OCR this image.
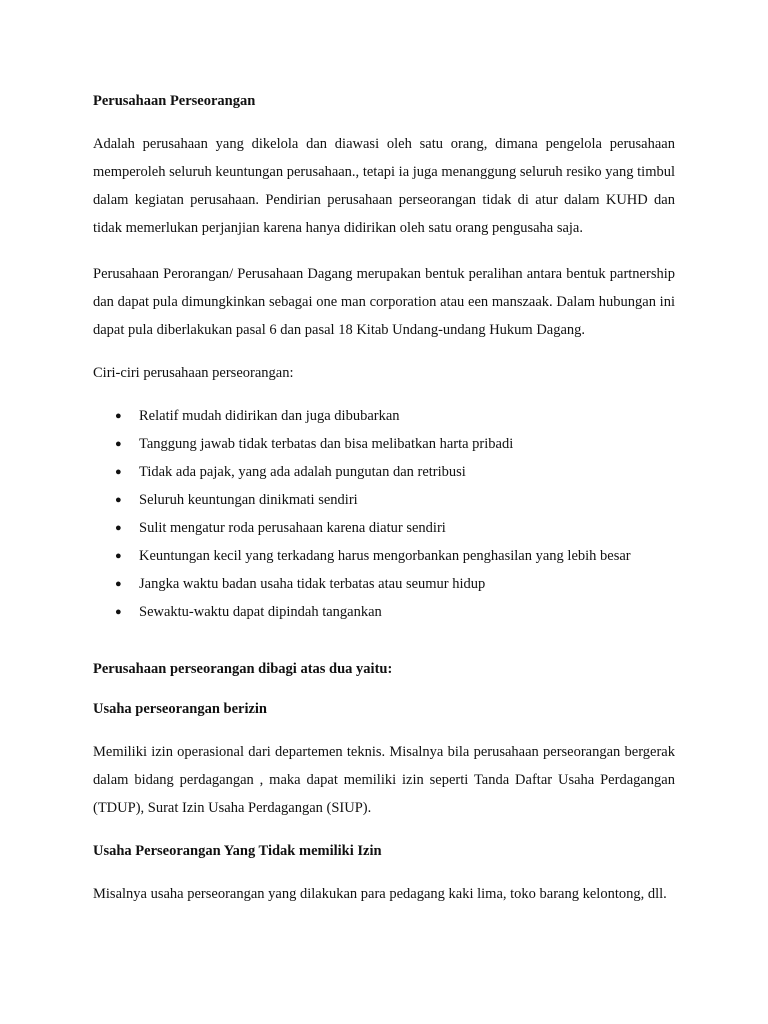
Perusahaan Perseorangan

Adalah perusahaan yang dikelola dan diawasi oleh satu orang, dimana pengelola perusahaan memperoleh seluruh keuntungan perusahaan., tetapi ia juga menanggung seluruh resiko yang timbul dalam kegiatan perusahaan. Pendirian perusahaan perseorangan tidak di atur dalam KUHD dan tidak memerlukan perjanjian karena hanya didirikan oleh satu orang pengusaha saja.

Perusahaan Perorangan/ Perusahaan Dagang merupakan bentuk peralihan antara bentuk partnership dan dapat pula dimungkinkan sebagai one man corporation atau een manszaak. Dalam hubungan ini dapat pula diberlakukan pasal 6 dan pasal 18 Kitab Undang-undang Hukum Dagang.

Ciri-ciri perusahaan perseorangan:

● Relatif mudah didirikan dan juga dibubarkan
● Tanggung jawab tidak terbatas dan bisa melibatkan harta pribadi
● Tidak ada pajak, yang ada adalah pungutan dan retribusi
● Seluruh keuntungan dinikmati sendiri
● Sulit mengatur roda perusahaan karena diatur sendiri
● Keuntungan kecil yang terkadang harus mengorbankan penghasilan yang lebih besar
● Jangka waktu badan usaha tidak terbatas atau seumur hidup
● Sewaktu-waktu dapat dipindah tangankan

Perusahaan perseorangan dibagi atas dua yaitu:

Usaha perseorangan berizin

Memiliki izin operasional dari departemen teknis. Misalnya bila perusahaan perseorangan bergerak dalam bidang perdagangan , maka dapat memiliki izin seperti Tanda Daftar Usaha Perdagangan (TDUP), Surat Izin Usaha Perdagangan (SIUP).

Usaha Perseorangan Yang Tidak memiliki Izin

Misalnya usaha perseorangan yang dilakukan para pedagang kaki lima, toko barang kelontong, dll.
